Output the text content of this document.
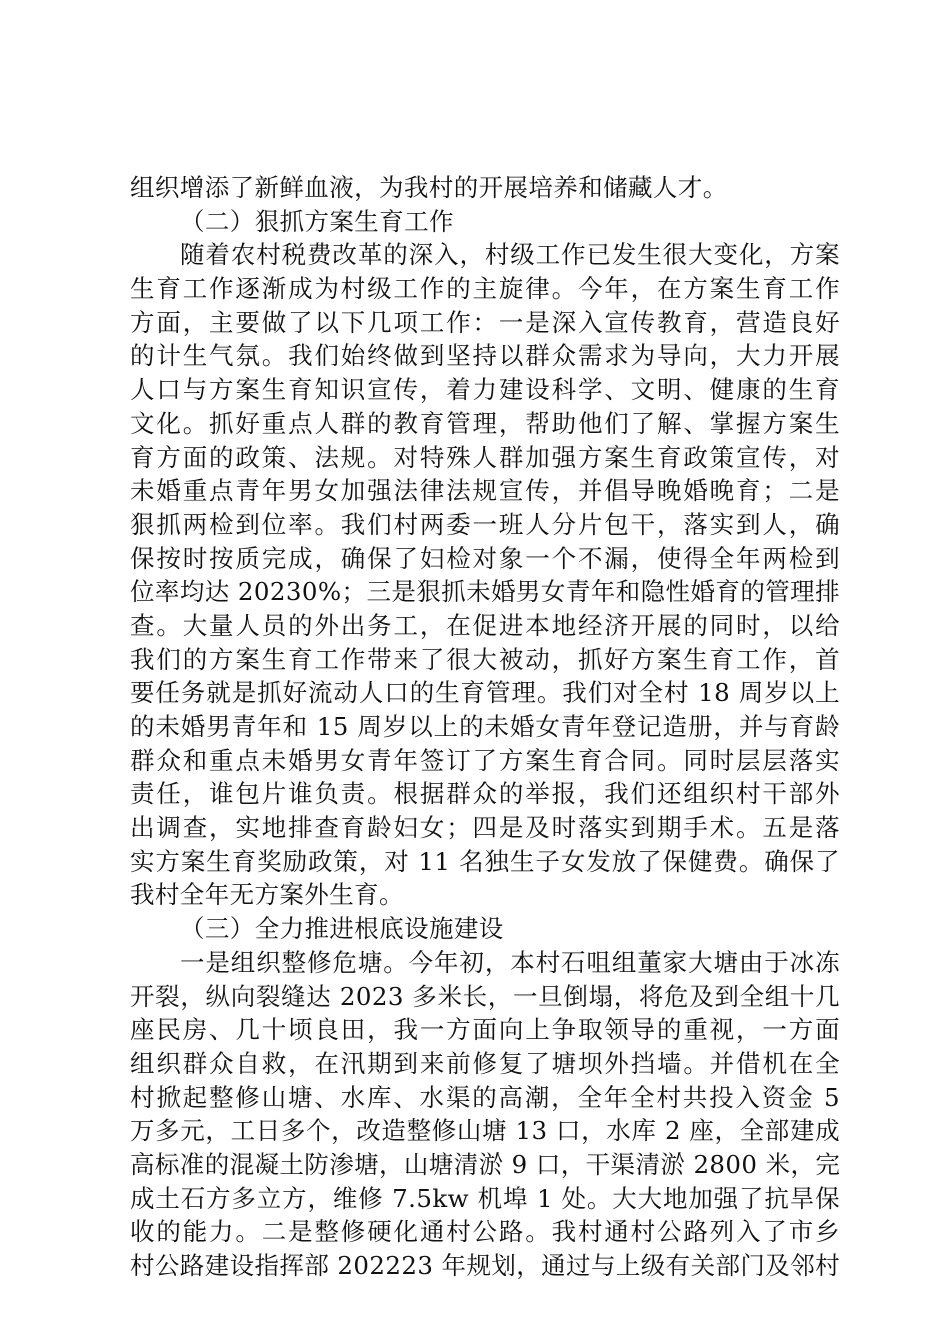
组织增添了新鲜血液，为我村的开展培养和储藏人才。
（二）狠抓方案生育工作
随着农村税费改革的深入，村级工作已发生很大变化，方案
生育工作逐渐成为村级工作的主旋律。今年，在方案生育工作
方面，主要做了以下几项工作：一是深入宣传教育，营造良好
的计生气氛。我们始终做到坚持以群众需求为导向，大力开展
人口与方案生育知识宣传，着力建设科学、文明、健康的生育
文化。抓好重点人群的教育管理，帮助他们了解、掌握方案生
育方面的政策、法规。对特殊人群加强方案生育政策宣传，对
未婚重点青年男女加强法律法规宣传，并倡导晚婚晚育；二是
狠抓两检到位率。我们村两委一班人分片包干，落实到人，确
保按时按质完成，确保了妇检对象一个不漏，使得全年两检到
位率均达 20230%；三是狠抓未婚男女青年和隐性婚育的管理排
查。大量人员的外出务工，在促进本地经济开展的同时，以给
我们的方案生育工作带来了很大被动，抓好方案生育工作，首
要任务就是抓好流动人口的生育管理。我们对全村 18 周岁以上
的未婚男青年和 15 周岁以上的未婚女青年登记造册，并与育龄
群众和重点未婚男女青年签订了方案生育合同。同时层层落实
责任，谁包片谁负责。根据群众的举报，我们还组织村干部外
出调查，实地排查育龄妇女；四是及时落实到期手术。五是落
实方案生育奖励政策，对 11 名独生子女发放了保健费。确保了
我村全年无方案外生育。
（三）全力推进根底设施建设
一是组织整修危塘。今年初，本村石咀组董家大塘由于冰冻
开裂，纵向裂缝达 2023 多米长，一旦倒塌，将危及到全组十几
座民房、几十顷良田，我一方面向上争取领导的重视，一方面
组织群众自救，在汛期到来前修复了塘坝外挡墙。并借机在全
村掀起整修山塘、水库、水渠的高潮，全年全村共投入资金 5
万多元，工日多个，改造整修山塘 13 口，水库 2 座，全部建成
高标准的混凝土防渗塘，山塘清淤 9 口，干渠清淤 2800 米，完
成土石方多立方，维修 7.5kw 机埠 1 处。大大地加强了抗旱保
收的能力。二是整修硬化通村公路。我村通村公路列入了市乡
村公路建设指挥部 202223 年规划，通过与上级有关部门及邻村
